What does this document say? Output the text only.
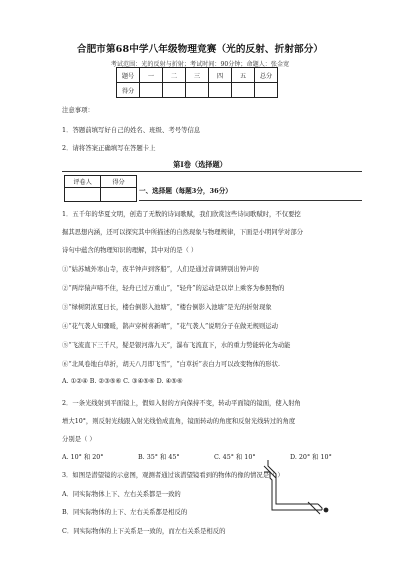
合肥市第68中学八年级物理竞赛（光的反射、折射部分）
考试范围：光的反射与折射；考试时间：90分钟；命题人：张金宽
题号	一	二	三	四	五	总分
得分						
注意事项：
1．答题前填写好自己的姓名、班级、考号等信息
2．请将答案正确填写在答题卡上
第Ⅰ卷（选择题）
评卷人	得分

一、选择题（每题3分，36分）
1．五千年的华夏文明，创造了无数的诗词歌赋，我们欣赏这些诗词歌赋时，不仅要挖
掘其思想内涵，还可以探究其中所描述的自然现象与物理规律，下面是小明同学对部分
诗句中蕴含的物理知识的理解，其中对的是（ ）
①“姑苏城外寒山寺，夜半钟声到客船”，人们是通过音调辨别出钟声的
②“两岸猿声啼不住，轻舟已过万重山”，“轻舟”的运动是以岸上乘客为参照物的
③“绿树阴浓夏日长，楼台倒影入池塘”，“楼台倒影入池塘”是光的折射现象
④“花气袭人知骤暖，鹊声穿树喜新晴”，“花气袭人”说明分子在做无规则运动
⑤“飞流直下三千尺，疑是银河落九天”，瀑布飞流直下，水的重力势能转化为动能
⑥“北风卷地白草折，胡天八月即飞雪”，“白草折”表白力可以改变物体的形状.
A. ①②④ B. ②③⑤⑥ C. ③④⑤⑥ D. ④⑤⑥
2．一条光线射到平面镜上，假如入射的方向保持不变，转动平面镜的镜面，使入射角
增大10°，则反射光线跟入射光线恰成直角，镜面转动的角度和反射光线转过的角度
分别是（ ）
A. 10° 和 20°	B. 35° 和 45°	C. 45° 和 10°	D. 20° 和 10°
3．如图是潜望镜的示意图，观测者通过该潜望镜看到的物体的像的情况是（ ）
A．同实际物体上下、左右关系都是一致的
B．同实际物体的上下、左右关系都是相反的
C．同实际物体的上下关系是一致的，而左右关系是相反的
